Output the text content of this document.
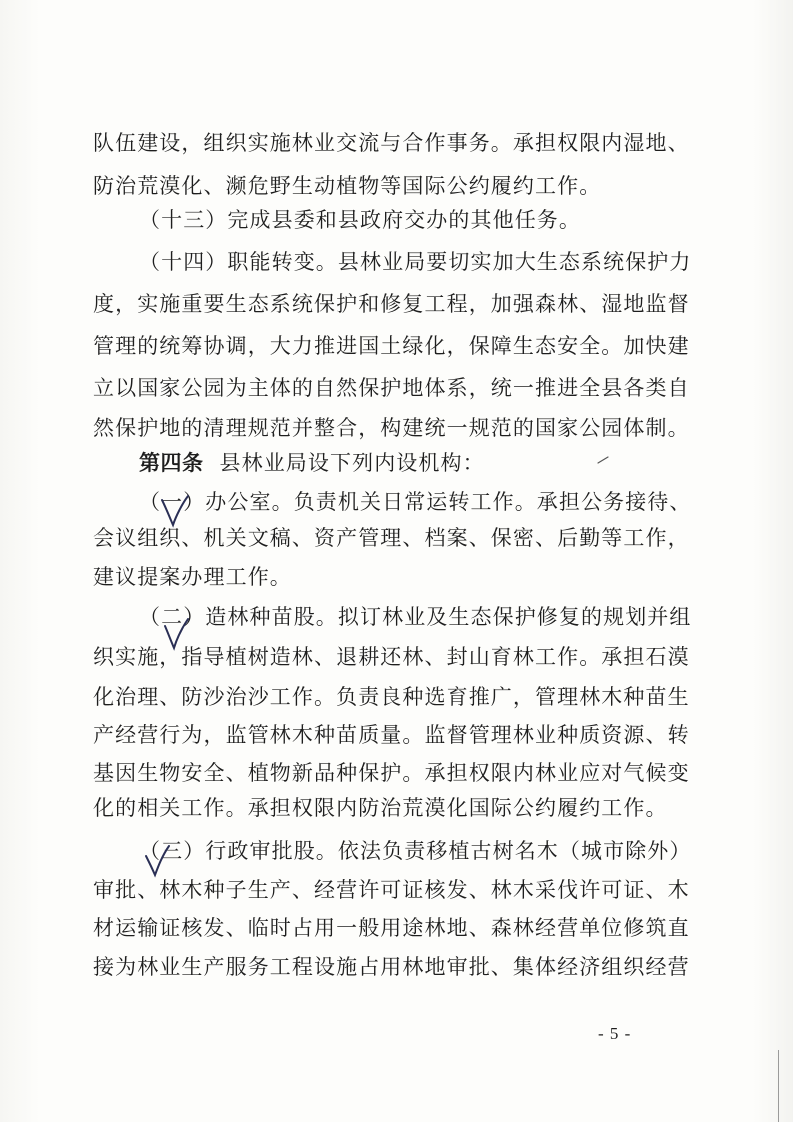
队伍建设，组织实施林业交流与合作事务。承担权限内湿地、
防治荒漠化、濒危野生动植物等国际公约履约工作。
（十三）完成县委和县政府交办的其他任务。
（十四）职能转变。县林业局要切实加大生态系统保护力
度，实施重要生态系统保护和修复工程，加强森林、湿地监督
管理的统筹协调，大力推进国土绿化，保障生态安全。加快建
立以国家公园为主体的自然保护地体系，统一推进全县各类自
然保护地的清理规范并整合，构建统一规范的国家公园体制。
第四条 县林业局设下列内设机构：
（一）办公室。负责机关日常运转工作。承担公务接待、
会议组织、机关文稿、资产管理、档案、保密、后勤等工作，
建议提案办理工作。
（二）造林种苗股。拟订林业及生态保护修复的规划并组
织实施，指导植树造林、退耕还林、封山育林工作。承担石漠
化治理、防沙治沙工作。负责良种选育推广，管理林木种苗生
产经营行为，监管林木种苗质量。监督管理林业种质资源、转
基因生物安全、植物新品种保护。承担权限内林业应对气候变
化的相关工作。承担权限内防治荒漠化国际公约履约工作。
（三）行政审批股。依法负责移植古树名木（城市除外）
审批、林木种子生产、经营许可证核发、林木采伐许可证、木
材运输证核发、临时占用一般用途林地、森林经营单位修筑直
接为林业生产服务工程设施占用林地审批、集体经济组织经营
- 5 -
